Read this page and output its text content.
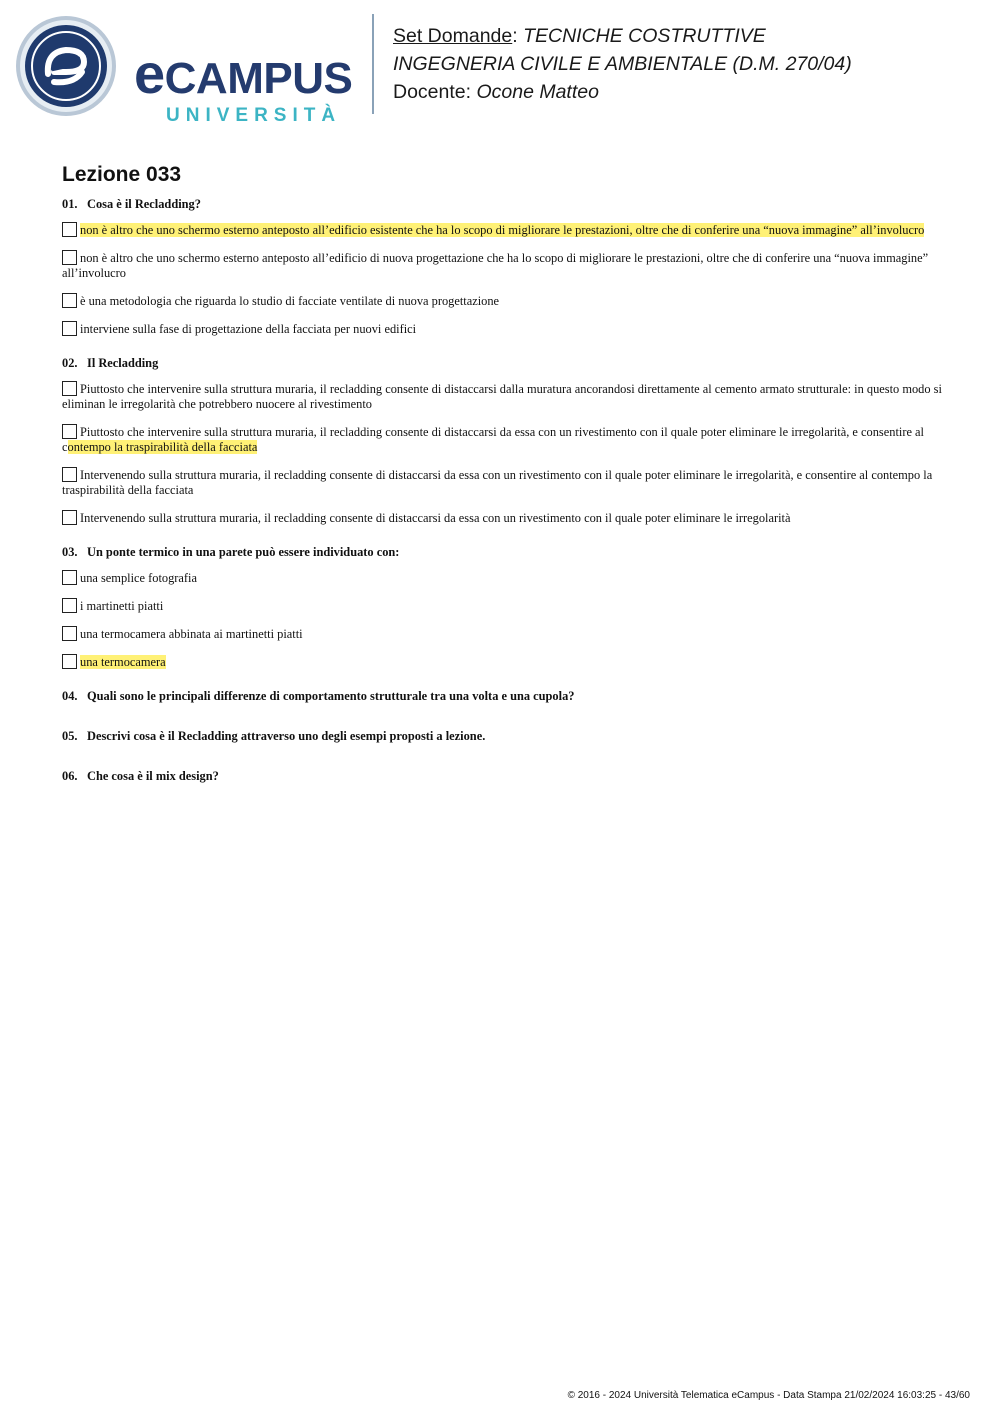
eCAMPUS
UNIVERSITÀ
Set Domande: TECNICHE COSTRUTTIVE
INGEGNERIA CIVILE E AMBIENTALE (D.M. 270/04)
Docente: Ocone Matteo
Lezione 033
01. Cosa è il Recladding?
non è altro che uno schermo esterno anteposto all’edificio esistente che ha lo scopo di migliorare le prestazioni, oltre che di conferire una “nuova immagine” all’involucro
non è altro che uno schermo esterno anteposto all’edificio di nuova progettazione che ha lo scopo di migliorare le prestazioni, oltre che di conferire una “nuova immagine” all’involucro
è una metodologia che riguarda lo studio di facciate ventilate di nuova progettazione
interviene sulla fase di progettazione della facciata per nuovi edifici
02. Il Recladding
Piuttosto che intervenire sulla struttura muraria, il recladding consente di distaccarsi dalla muratura ancorandosi direttamente al cemento armato strutturale: in questo modo si eliminan le irregolarità che potrebbero nuocere al rivestimento
Piuttosto che intervenire sulla struttura muraria, il recladding consente di distaccarsi da essa con un rivestimento con il quale poter eliminare le irregolarità, e consentire al contempo la traspirabilità della facciata
Intervenendo sulla struttura muraria, il recladding consente di distaccarsi da essa con un rivestimento con il quale poter eliminare le irregolarità, e consentire al contempo la traspirabilità della facciata
Intervenendo sulla struttura muraria, il recladding consente di distaccarsi da essa con un rivestimento con il quale poter eliminare le irregolarità
03. Un ponte termico in una parete può essere individuato con:
una semplice fotografia
i martinetti piatti
una termocamera abbinata ai martinetti piatti
una termocamera
04. Quali sono le principali differenze di comportamento strutturale tra una volta e una cupola?
05. Descrivi cosa è il Recladding attraverso uno degli esempi proposti a lezione.
06. Che cosa è il mix design?
© 2016 - 2024 Università Telematica eCampus - Data Stampa 21/02/2024 16:03:25 - 43/60
